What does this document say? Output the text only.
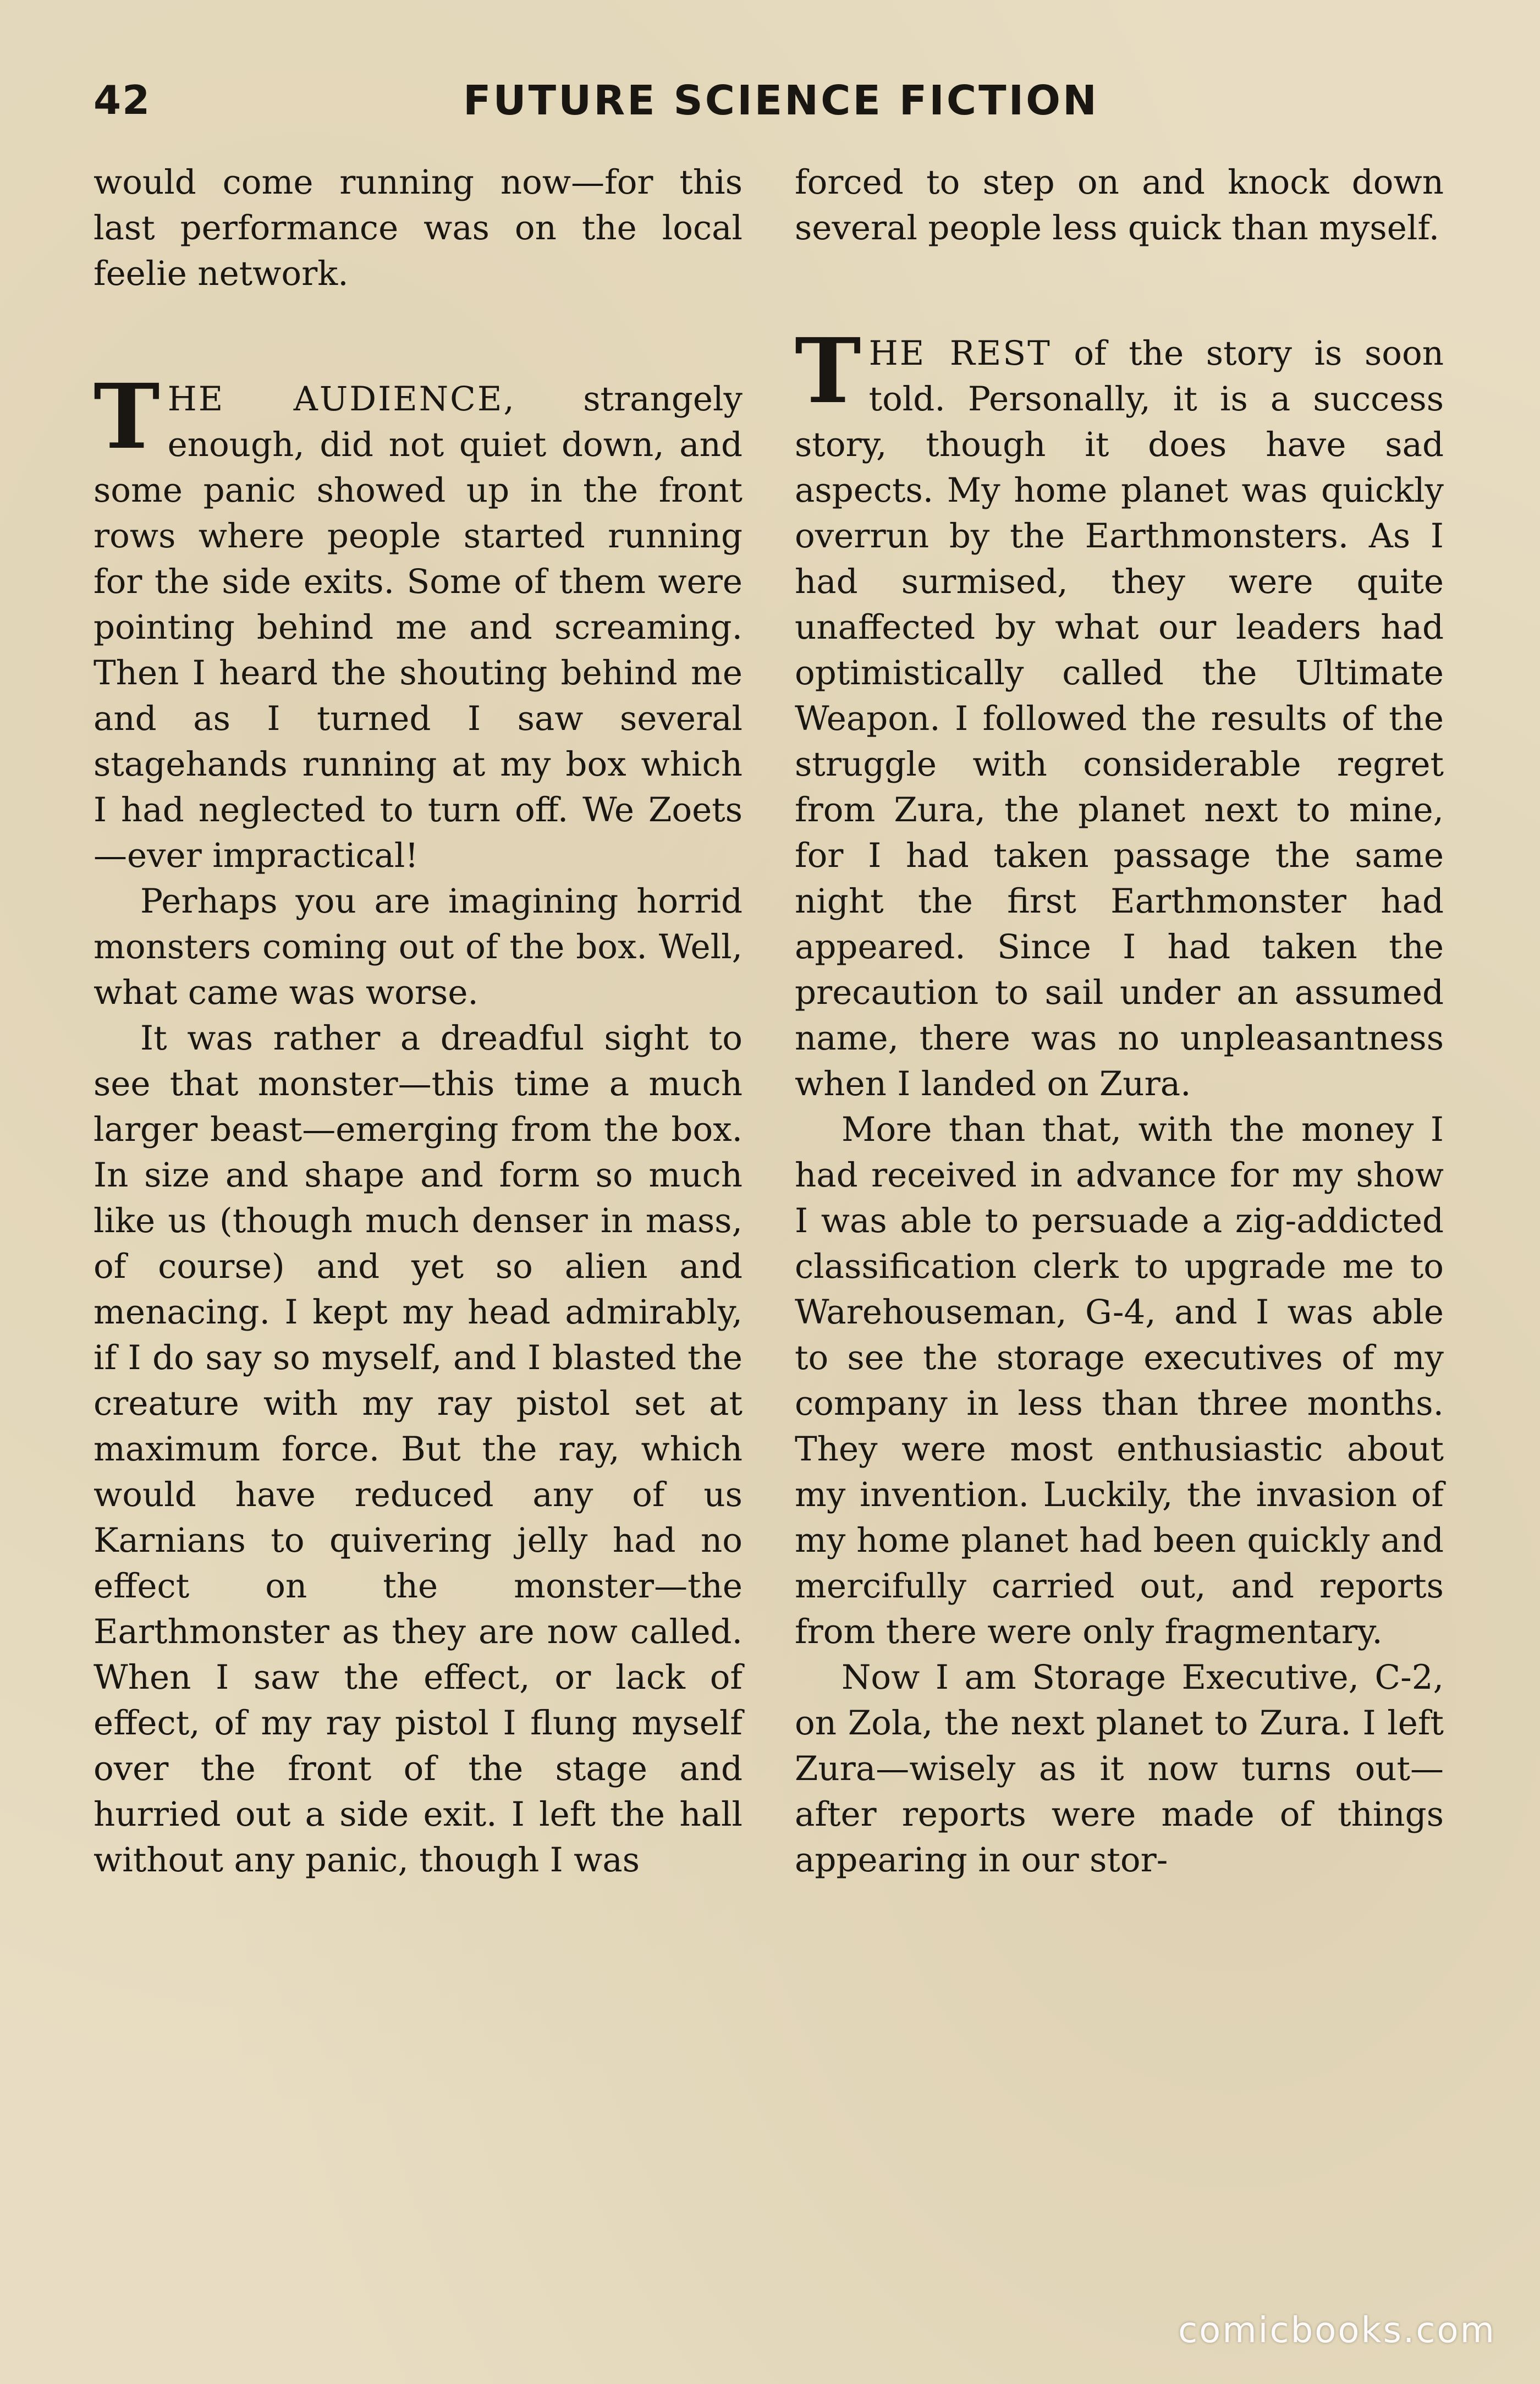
42	FUTURE SCIENCE FICTION

would come running now—for this last performance was on the local feelie network.

THE AUDIENCE, strangely enough, did not quiet down, and some panic showed up in the front rows where people started running for the side exits. Some of them were pointing behind me and screaming. Then I heard the shouting behind me and as I turned I saw several stagehands running at my box which I had neglected to turn off. We Zoets—ever impractical!

Perhaps you are imagining horrid monsters coming out of the box. Well, what came was worse.

It was rather a dreadful sight to see that monster—this time a much larger beast—emerging from the box. In size and shape and form so much like us (though much denser in mass, of course) and yet so alien and menacing. I kept my head admirably, if I do say so myself, and I blasted the creature with my ray pistol set at maximum force. But the ray, which would have reduced any of us Karnians to quivering jelly had no effect on the monster—the Earthmonster as they are now called. When I saw the effect, or lack of effect, of my ray pistol I flung myself over the front of the stage and hurried out a side exit. I left the hall without any panic, though I was

forced to step on and knock down several people less quick than myself.

THE REST of the story is soon told. Personally, it is a success story, though it does have sad aspects. My home planet was quickly overrun by the Earthmonsters. As I had surmised, they were quite unaffected by what our leaders had optimistically called the Ultimate Weapon. I followed the results of the struggle with considerable regret from Zura, the planet next to mine, for I had taken passage the same night the first Earthmonster had appeared. Since I had taken the precaution to sail under an assumed name, there was no unpleasantness when I landed on Zura.

More than that, with the money I had received in advance for my show I was able to persuade a zig-addicted classification clerk to upgrade me to Warehouseman, G-4, and I was able to see the storage executives of my company in less than three months. They were most enthusiastic about my invention. Luckily, the invasion of my home planet had been quickly and mercifully carried out, and reports from there were only fragmentary.

Now I am Storage Executive, C-2, on Zola, the next planet to Zura. I left Zura—wisely as it now turns out—after reports were made of things appearing in our stor-

comicbooks.com
